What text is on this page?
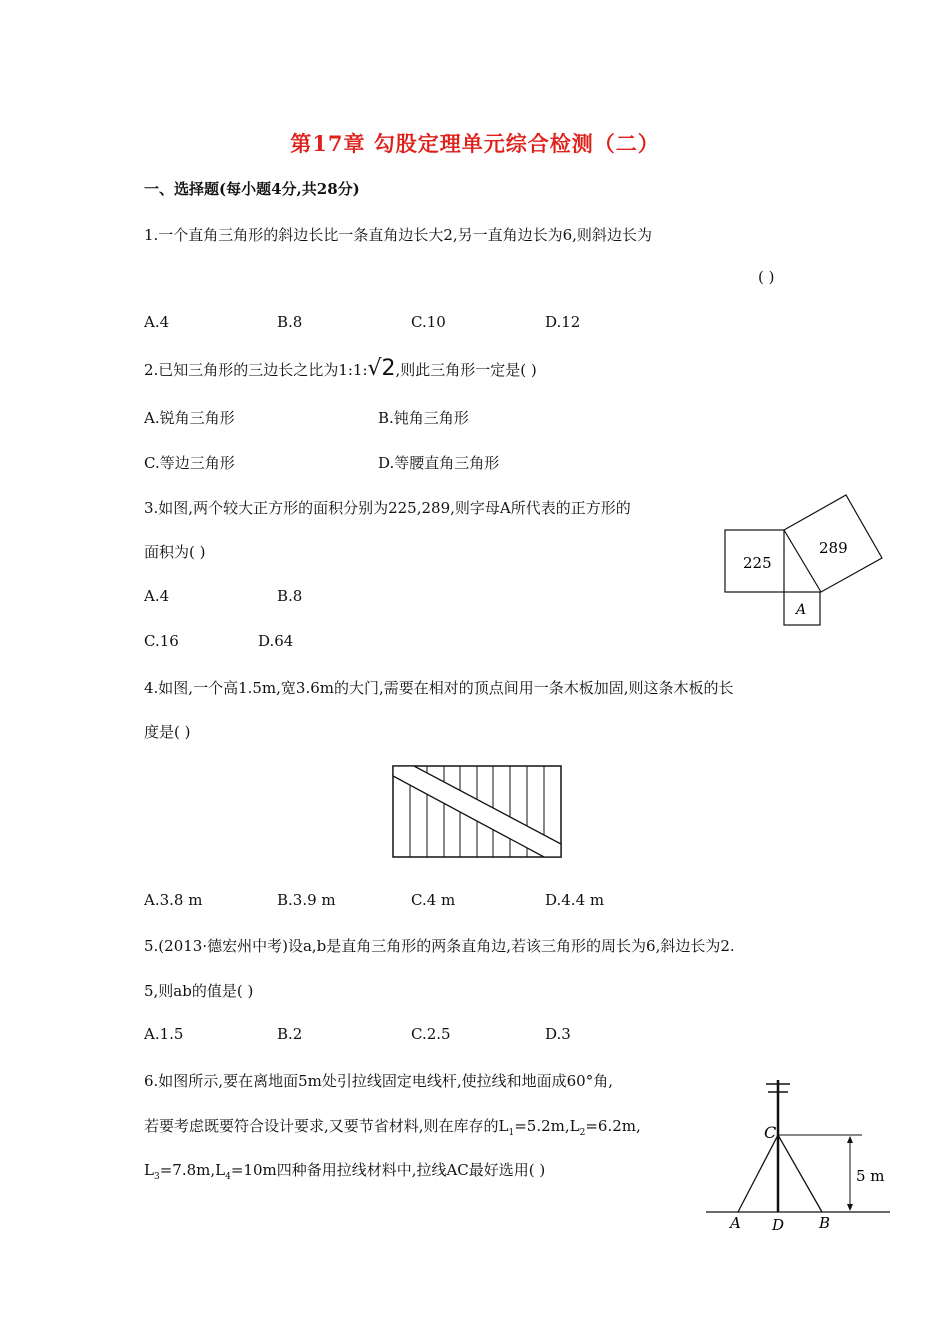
第17章 勾股定理单元综合检测（二）
一、选择题(每小题4分,共28分)
1.一个直角三角形的斜边长比一条直角边长大2,另一直角边长为6,则斜边长为
( )
A.4	B.8	C.10	D.12
2.已知三角形的三边长之比为1:1:√2,则此三角形一定是( )
A.锐角三角形	B.钝角三角形
C.等边三角形	D.等腰直角三角形
3.如图,两个较大正方形的面积分别为225,289,则字母A所代表的正方形的
面积为( )
A.4	B.8
C.16	D.64
225
289
A
4.如图,一个高1.5m,宽3.6m的大门,需要在相对的顶点间用一条木板加固,则这条木板的长
度是( )
A.3.8 m	B.3.9 m	C.4 m	D.4.4 m
5.(2013·德宏州中考)设a,b是直角三角形的两条直角边,若该三角形的周长为6,斜边长为2.
5,则ab的值是( )
A.1.5	B.2	C.2.5	D.3
6.如图所示,要在离地面5m处引拉线固定电线杆,使拉线和地面成60°角,
若要考虑既要符合设计要求,又要节省材料,则在库存的$L_1=5.2m,L_2=6.2m$,
$L_3=7.8m,L_4=10m$四种备用拉线材料中,拉线AC最好选用( )
C
5 m
A D B
